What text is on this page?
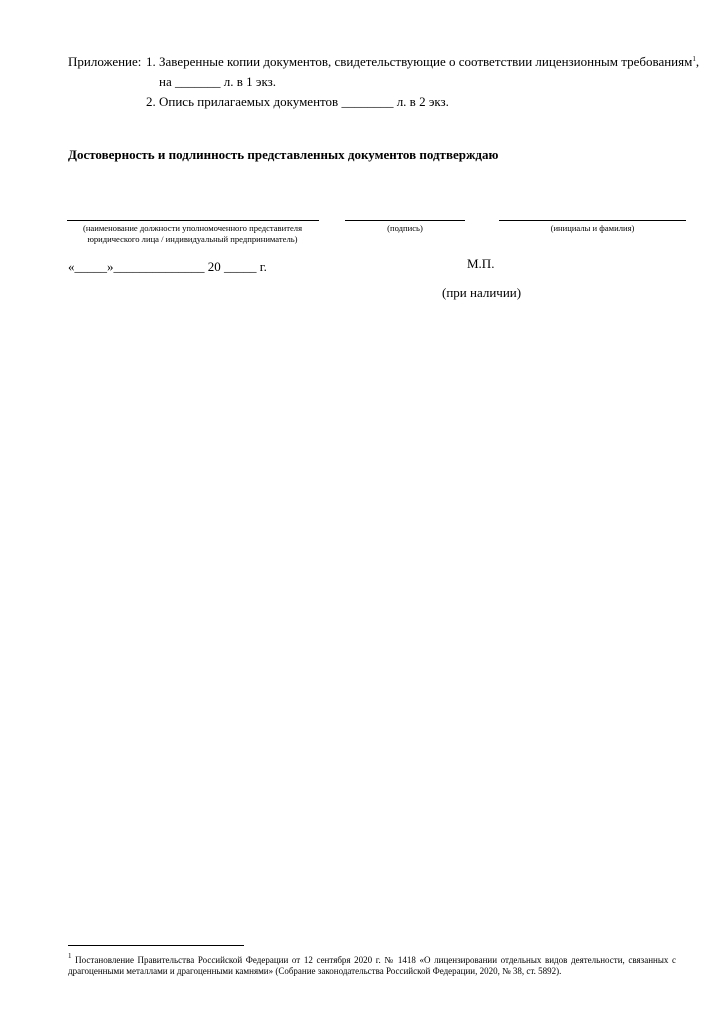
Приложение: 1. Заверенные копии документов, свидетельствующие о соответствии лицензионным требованиям$^1$,
на _______ л. в 1 экз.
2. Опись прилагаемых документов ________ л. в 2 экз.
Достоверность и подлинность представленных документов подтверждаю
(наименование должности уполномоченного представителя
юридического лица / индивидуальный предприниматель)
(подпись)	(инициалы и фамилия)
«_____»______________ 20 _____ г.	М.П.
(при наличии)
$^1$ Постановление Правительства Российской Федерации от 12 сентября 2020 г. № 1418 «О лицензировании отдельных видов деятельности, связанных с драгоценными металлами и драгоценными камнями» (Собрание законодательства Российской Федерации, 2020, № 38, ст. 5892).
